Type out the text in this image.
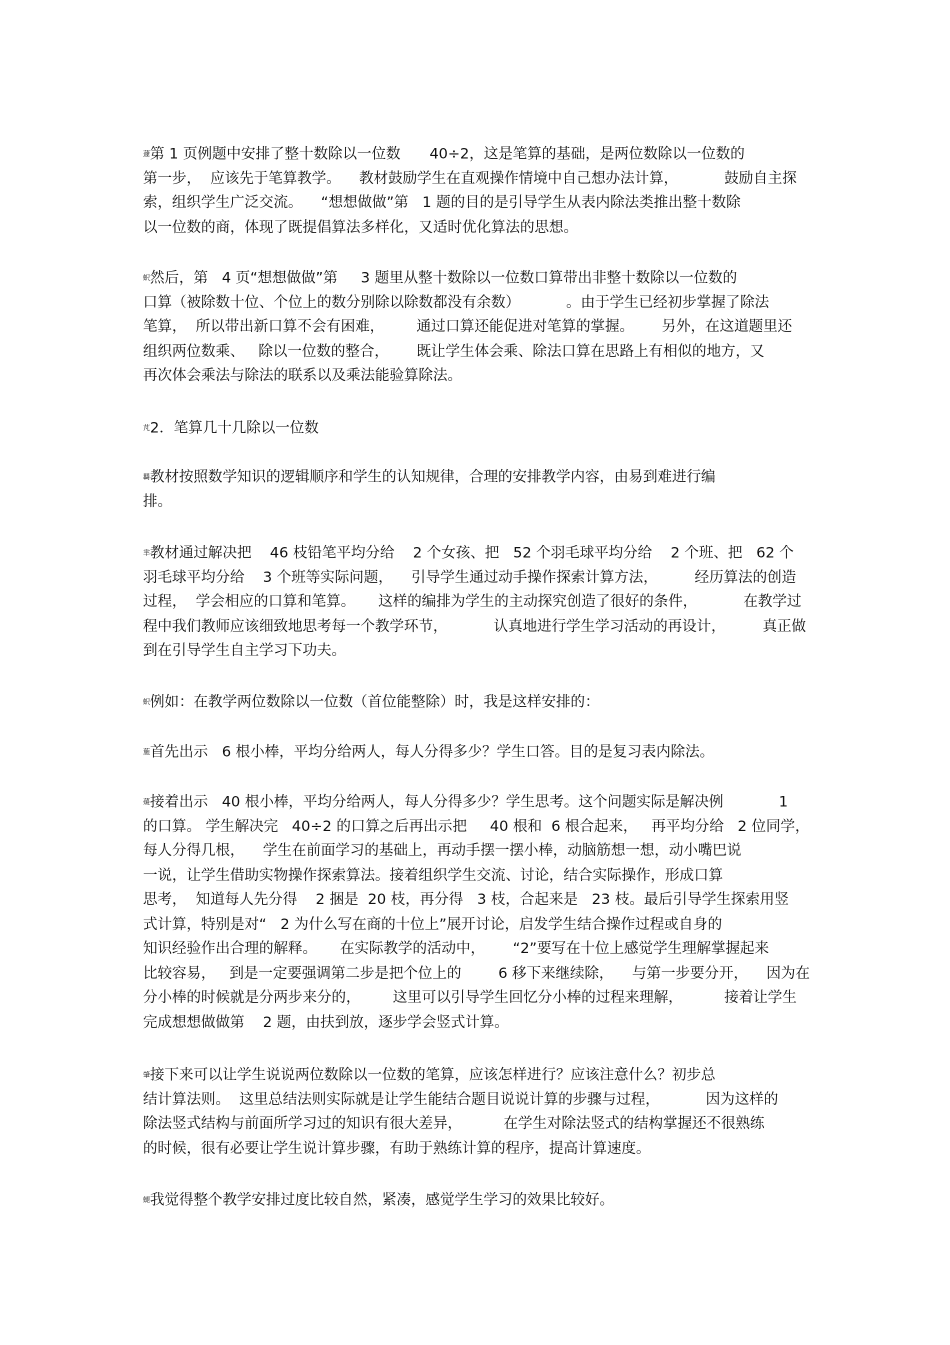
蘧第 1 页例题中安排了整十数除以一位数　　40÷2，这是笔算的基础，是两位数除以一位数的
第一步，  应该先于笔算教学。    教材鼓励学生在直观操作情境中自己想办法计算，          鼓励自主探
索，组织学生广泛交流。    “想想做做”第   1 题的目的是引导学生从表内除法类推出整十数除
以一位数的商，体现了既提倡算法多样化，又适时优化算法的思想。
蚇然后，第   4 页“想想做做”第     3 题里从整十数除以一位数口算带出非整十数除以一位数的
口算（被除数十位、个位上的数分别除以除数都没有余数）          。由于学生已经初步掌握了除法
笔算，  所以带出新口算不会有困难，       通过口算还能促进对笔算的掌握。      另外，在这道题里还
组织两位数乘、   除以一位数的整合，      既让学生体会乘、除法口算在思路上有相似的地方，又
再次体会乘法与除法的联系以及乘法能验算除法。
芃2．笔算几十几除以一位数
羇教材按照数学知识的逻辑顺序和学生的认知规律，合理的安排教学内容，由易到难进行编
排。
芈教材通过解决把    46 枝铅笔平均分给    2 个女孩、把   52 个羽毛球平均分给    2 个班、把   62 个
羽毛球平均分给    3 个班等实际问题，    引导学生通过动手操作探索计算方法，        经历算法的创造
过程，  学会相应的口算和笔算。     这样的编排为学生的主动探究创造了很好的条件，          在教学过
程中我们教师应该细致地思考每一个教学环节，          认真地进行学生学习活动的再设计，        真正做
到在引导学生自主学习下功夫。
蚇例如：在教学两位数除以一位数（首位能整除）时，我是这样安排的：
葹首先出示   6 根小棒，平均分给两人，每人分得多少？学生口答。目的是复习表内除法。
蕿接着出示   40 根小棒，平均分给两人，每人分得多少？学生思考。这个问题实际是解决例            1
的口算。 学生解决完   40÷2 的口算之后再出示把     40 根和  6 根合起来，   再平均分给   2 位同学，
每人分得几根，    学生在前面学习的基础上，再动手摆一摆小棒，动脑筋想一想，动小嘴巴说
一说，让学生借助实物操作探索算法。接着组织学生交流、讨论，结合实际操作，形成口算
思考，  知道每人先分得    2 捆是  20 枝，再分得   3 枝，合起来是   23 枝。最后引导学生探索用竖
式计算，特别是对“   2 为什么写在商的十位上”展开讨论，启发学生结合操作过程或自身的
知识经验作出合理的解释。     在实际教学的活动中，      “2”要写在十位上感觉学生理解掌握起来
比较容易，   到是一定要强调第二步是把个位上的        6 移下来继续除，    与第一步要分开，    因为在
分小棒的时候就是分两步来分的，       这里可以引导学生回忆分小棒的过程来理解，         接着让学生
完成想想做做第    2 题，由扶到放，逐步学会竖式计算。
肇接下来可以让学生说说两位数除以一位数的笔算，应该怎样进行？应该注意什么？初步总
结计算法则。  这里总结法则实际就是让学生能结合题目说说计算的步骤与过程，          因为这样的
除法竖式结构与前面所学习过的知识有很大差异，         在学生对除法竖式的结构掌握还不很熟练
的时候，很有必要让学生说计算步骤，有助于熟练计算的程序，提高计算速度。
螁我觉得整个教学安排过度比较自然，紧凑，感觉学生学习的效果比较好。
